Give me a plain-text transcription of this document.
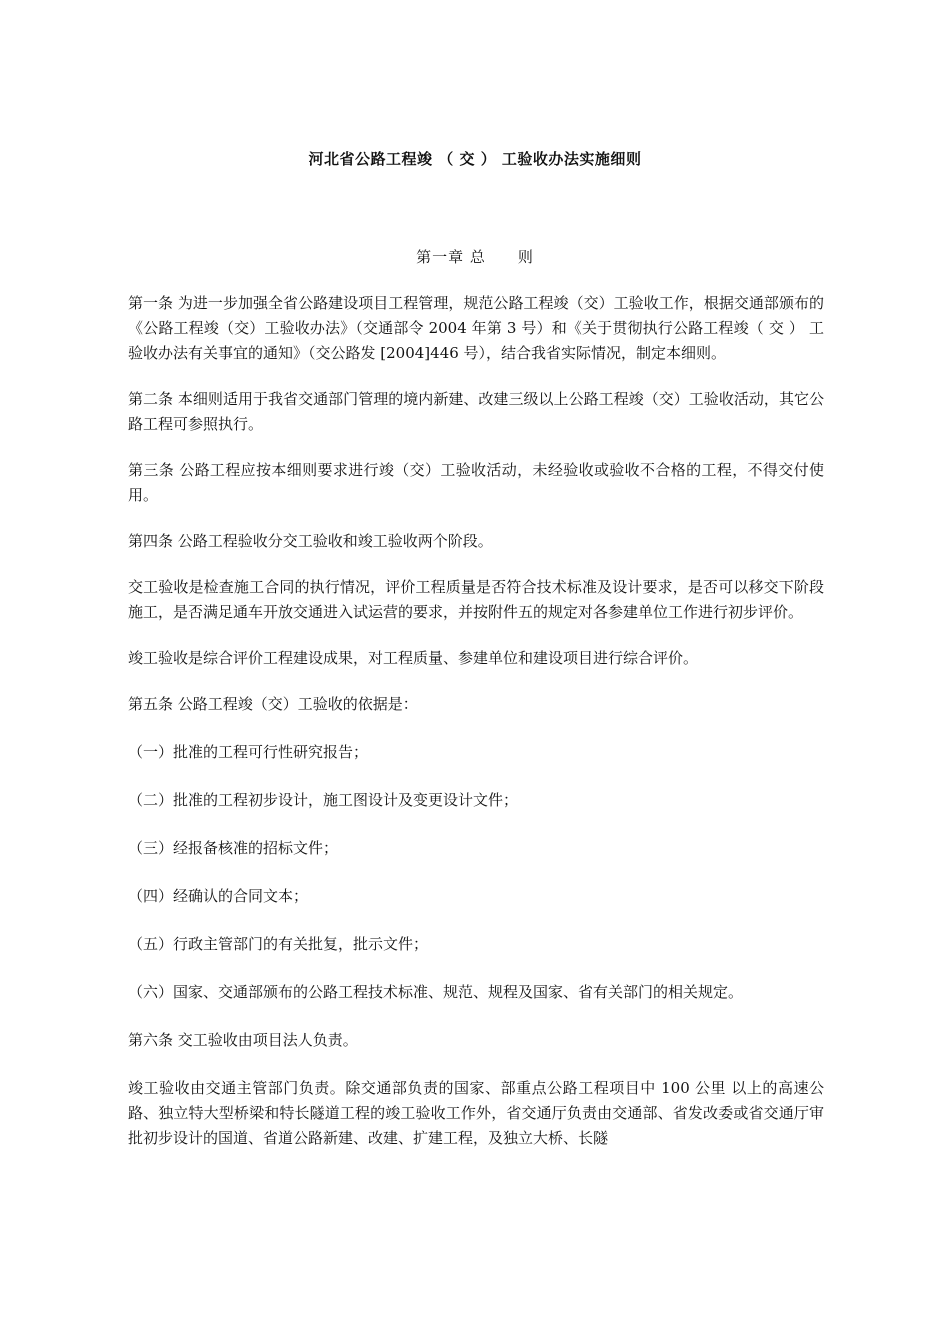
河北省公路工程竣 （ 交 ） 工验收办法实施细则
第一章 总　　则

第一条 为进一步加强全省公路建设项目工程管理，规范公路工程竣（交）工验收工作，根据交通部颁布的《公路工程竣（交）工验收办法》（交通部令 2004 年第 3 号）和《关于贯彻执行公路工程竣（ 交 ） 工验收办法有关事宜的通知》（交公路发 [2004]446 号），结合我省实际情况，制定本细则。

第二条 本细则适用于我省交通部门管理的境内新建、改建三级以上公路工程竣（交）工验收活动，其它公路工程可参照执行。

第三条 公路工程应按本细则要求进行竣（交）工验收活动，未经验收或验收不合格的工程，不得交付使用。

第四条 公路工程验收分交工验收和竣工验收两个阶段。

交工验收是检查施工合同的执行情况，评价工程质量是否符合技术标准及设计要求，是否可以移交下阶段施工，是否满足通车开放交通进入试运营的要求，并按附件五的规定对各参建单位工作进行初步评价。

竣工验收是综合评价工程建设成果，对工程质量、参建单位和建设项目进行综合评价。

第五条 公路工程竣（交）工验收的依据是：

（一）批准的工程可行性研究报告；

（二）批准的工程初步设计，施工图设计及变更设计文件；

（三）经报备核准的招标文件；

（四）经确认的合同文本；

（五）行政主管部门的有关批复，批示文件；

（六）国家、交通部颁布的公路工程技术标准、规范、规程及国家、省有关部门的相关规定。

第六条 交工验收由项目法人负责。

竣工验收由交通主管部门负责。除交通部负责的国家、部重点公路工程项目中 100 公里 以上的高速公路、独立特大型桥梁和特长隧道工程的竣工验收工作外，省交通厅负责由交通部、省发改委或省交通厅审批初步设计的国道、省道公路新建、改建、扩建工程，及独立大桥、长隧
